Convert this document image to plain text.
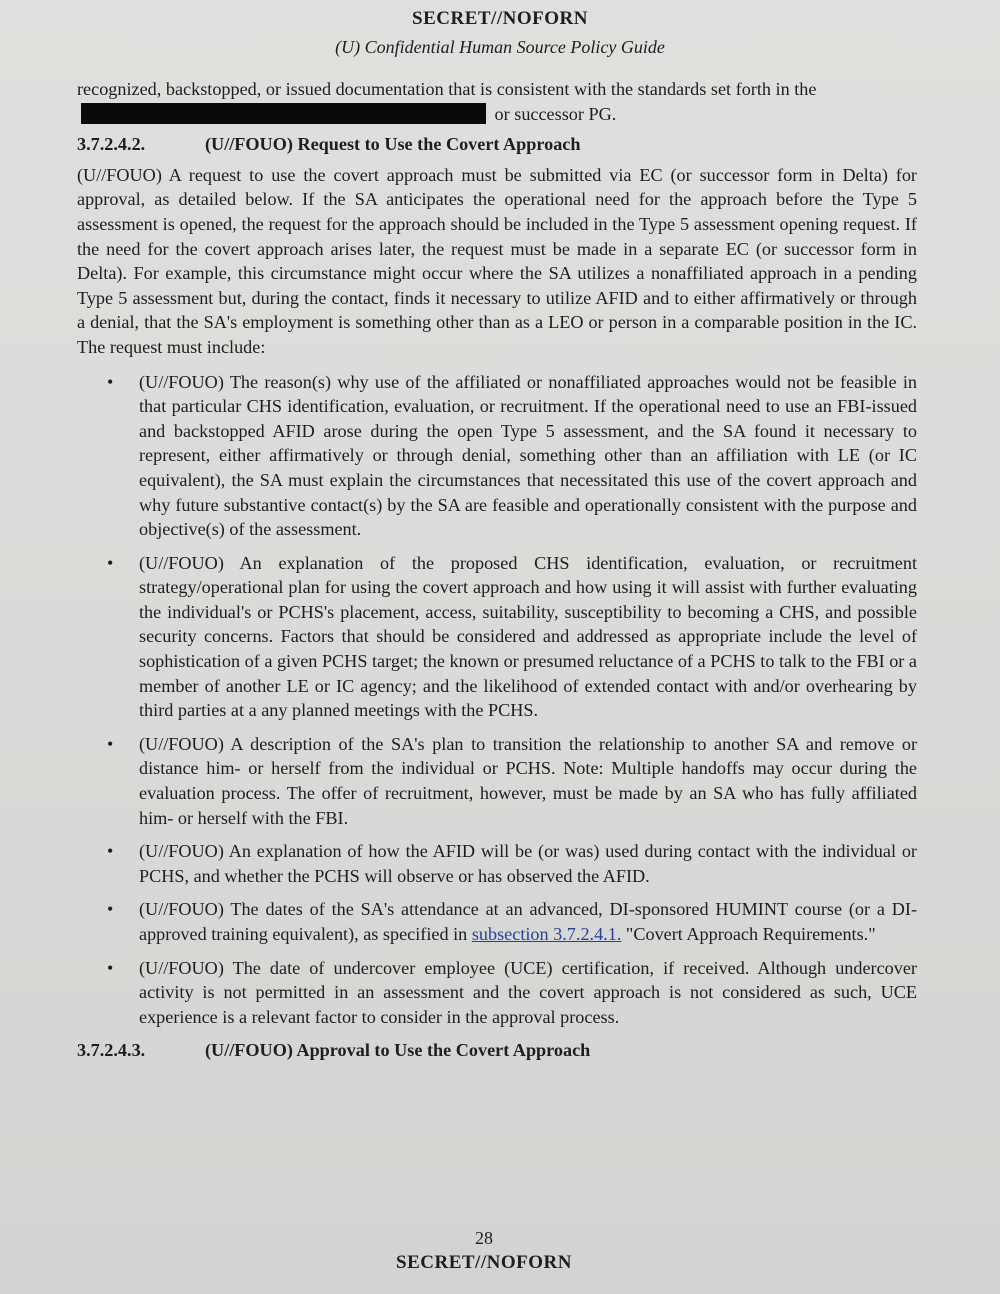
SECRET//NOFORN
(U) Confidential Human Source Policy Guide

recognized, backstopped, or issued documentation that is consistent with the standards set forth in the  or successor PG.

3.7.2.4.2.	(U//FOUO) Request to Use the Covert Approach

(U//FOUO) A request to use the covert approach must be submitted via EC (or successor form in Delta) for approval, as detailed below. If the SA anticipates the operational need for the approach before the Type 5 assessment is opened, the request for the approach should be included in the Type 5 assessment opening request. If the need for the covert approach arises later, the request must be made in a separate EC (or successor form in Delta). For example, this circumstance might occur where the SA utilizes a nonaffiliated approach in a pending Type 5 assessment but, during the contact, finds it necessary to utilize AFID and to either affirmatively or through a denial, that the SA's employment is something other than as a LEO or person in a comparable position in the IC. The request must include:

• (U//FOUO) The reason(s) why use of the affiliated or nonaffiliated approaches would not be feasible in that particular CHS identification, evaluation, or recruitment. If the operational need to use an FBI-issued and backstopped AFID arose during the open Type 5 assessment, and the SA found it necessary to represent, either affirmatively or through denial, something other than an affiliation with LE (or IC equivalent), the SA must explain the circumstances that necessitated this use of the covert approach and why future substantive contact(s) by the SA are feasible and operationally consistent with the purpose and objective(s) of the assessment.
• (U//FOUO) An explanation of the proposed CHS identification, evaluation, or recruitment strategy/operational plan for using the covert approach and how using it will assist with further evaluating the individual's or PCHS's placement, access, suitability, susceptibility to becoming a CHS, and possible security concerns. Factors that should be considered and addressed as appropriate include the level of sophistication of a given PCHS target; the known or presumed reluctance of a PCHS to talk to the FBI or a member of another LE or IC agency; and the likelihood of extended contact with and/or overhearing by third parties at a any planned meetings with the PCHS.
• (U//FOUO) A description of the SA's plan to transition the relationship to another SA and remove or distance him- or herself from the individual or PCHS. Note: Multiple handoffs may occur during the evaluation process. The offer of recruitment, however, must be made by an SA who has fully affiliated him- or herself with the FBI.
• (U//FOUO) An explanation of how the AFID will be (or was) used during contact with the individual or PCHS, and whether the PCHS will observe or has observed the AFID.
• (U//FOUO) The dates of the SA's attendance at an advanced, DI-sponsored HUMINT course (or a DI-approved training equivalent), as specified in subsection 3.7.2.4.1. "Covert Approach Requirements."
• (U//FOUO) The date of undercover employee (UCE) certification, if received. Although undercover activity is not permitted in an assessment and the covert approach is not considered as such, UCE experience is a relevant factor to consider in the approval process.
3.7.2.4.3.	(U//FOUO) Approval to Use the Covert Approach
28
SECRET//NOFORN
